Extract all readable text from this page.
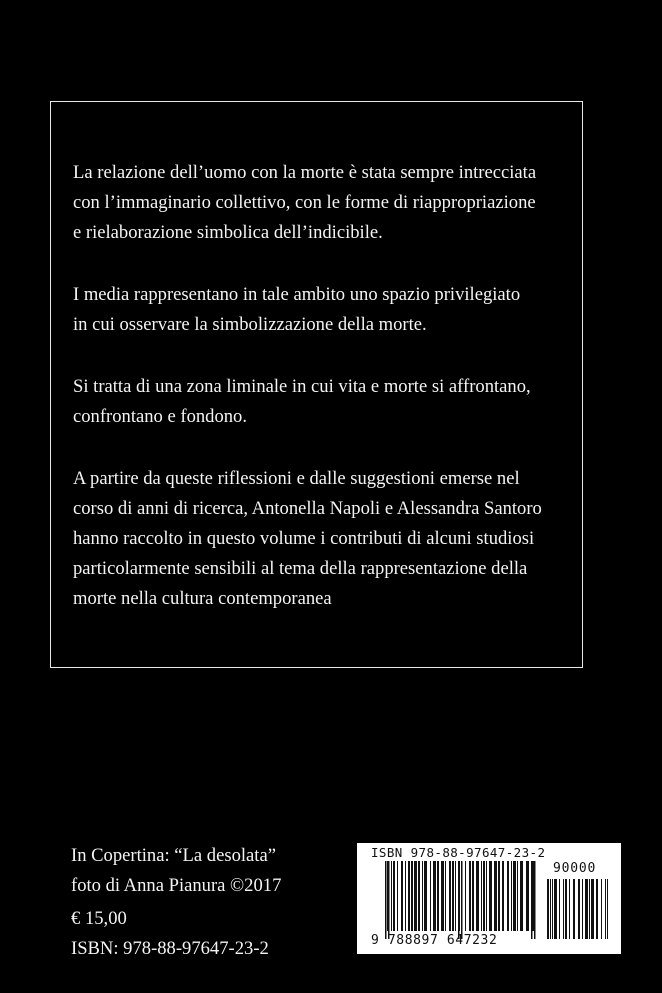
La relazione dell’uomo con la morte è stata sempre intrecciata
con l’immaginario collettivo, con le forme di riappropriazione
e rielaborazione simbolica dell’indicibile.

I media rappresentano in tale ambito uno spazio privilegiato
in cui osservare la simbolizzazione della morte.

Si tratta di una zona liminale in cui vita e morte si affrontano,
confrontano e fondono.

A partire da queste riflessioni e dalle suggestioni emerse nel
corso di anni di ricerca, Antonella Napoli e Alessandra Santoro
hanno raccolto in questo volume i contributi di alcuni studiosi
particolarmente sensibili al tema della rappresentazione della
morte nella cultura contemporanea

In Copertina: “La desolata”
foto di Anna Pianura ©2017
€ 15,00
ISBN: 978-88-97647-23-2
ISBN 978-88-97647-23-2
90000
9 788897 647232
